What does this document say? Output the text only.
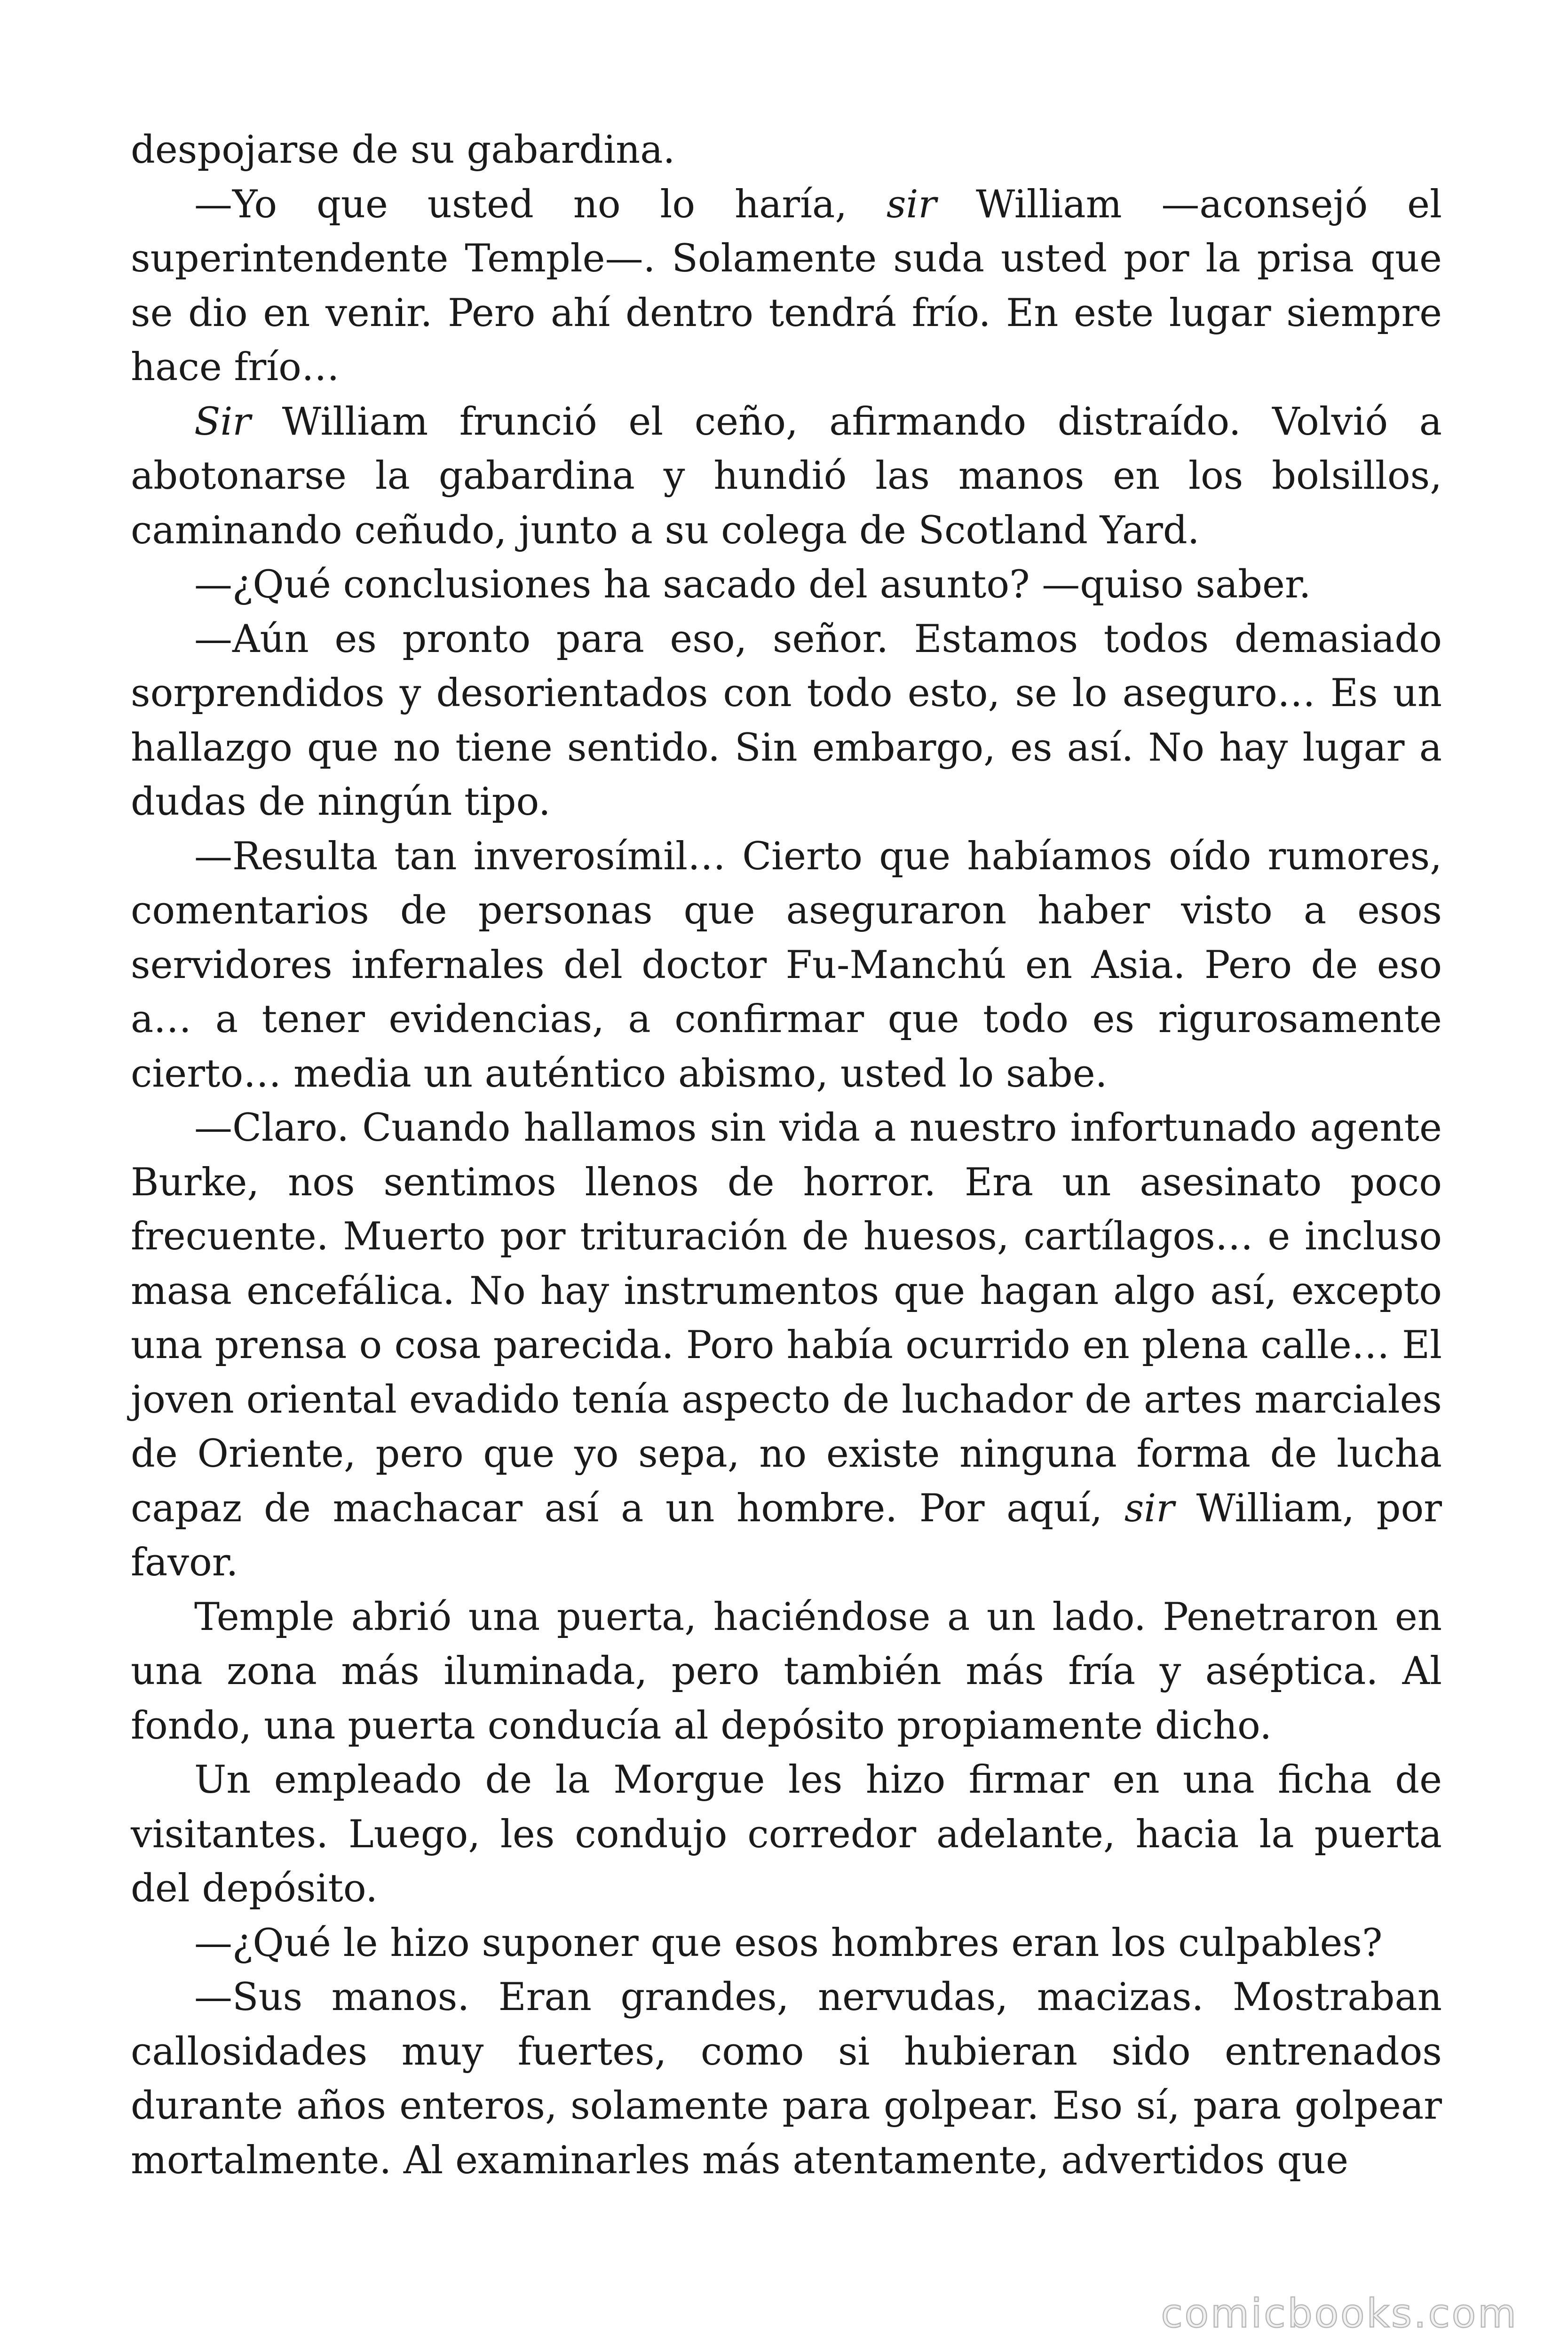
despojarse de su gabardina.

—Yo que usted no lo haría, sir William —aconsejó el superintendente Temple—. Solamente suda usted por la prisa que se dio en venir. Pero ahí dentro tendrá frío. En este lugar siempre hace frío…

Sir William frunció el ceño, afirmando distraído. Volvió a abotonarse la gabardina y hundió las manos en los bolsillos, caminando ceñudo, junto a su colega de Scotland Yard.

—¿Qué conclusiones ha sacado del asunto? —quiso saber.

—Aún es pronto para eso, señor. Estamos todos demasiado sorprendidos y desorientados con todo esto, se lo aseguro… Es un hallazgo que no tiene sentido. Sin embargo, es así. No hay lugar a dudas de ningún tipo.

—Resulta tan inverosímil… Cierto que habíamos oído rumores, comentarios de personas que aseguraron haber visto a esos servidores infernales del doctor Fu-Manchú en Asia. Pero de eso a… a tener evidencias, a confirmar que todo es rigurosamente cierto… media un auténtico abismo, usted lo sabe.

—Claro. Cuando hallamos sin vida a nuestro infortunado agente Burke, nos sentimos llenos de horror. Era un asesinato poco frecuente. Muerto por trituración de huesos, cartílagos… e incluso masa encefálica. No hay instrumentos que hagan algo así, excepto una prensa o cosa parecida. Poro había ocurrido en plena calle… El joven oriental evadido tenía aspecto de luchador de artes marciales de Oriente, pero que yo sepa, no existe ninguna forma de lucha capaz de machacar así a un hombre. Por aquí, sir William, por favor.

Temple abrió una puerta, haciéndose a un lado. Penetraron en una zona más iluminada, pero también más fría y aséptica. Al fondo, una puerta conducía al depósito propiamente dicho.

Un empleado de la Morgue les hizo firmar en una ficha de visitantes. Luego, les condujo corredor adelante, hacia la puerta del depósito.

—¿Qué le hizo suponer que esos hombres eran los culpables?

—Sus manos. Eran grandes, nervudas, macizas. Mostraban callosidades muy fuertes, como si hubieran sido entrenados durante años enteros, solamente para golpear. Eso sí, para golpear mortalmente. Al examinarles más atentamente, advertidos que

comicbooks.com
